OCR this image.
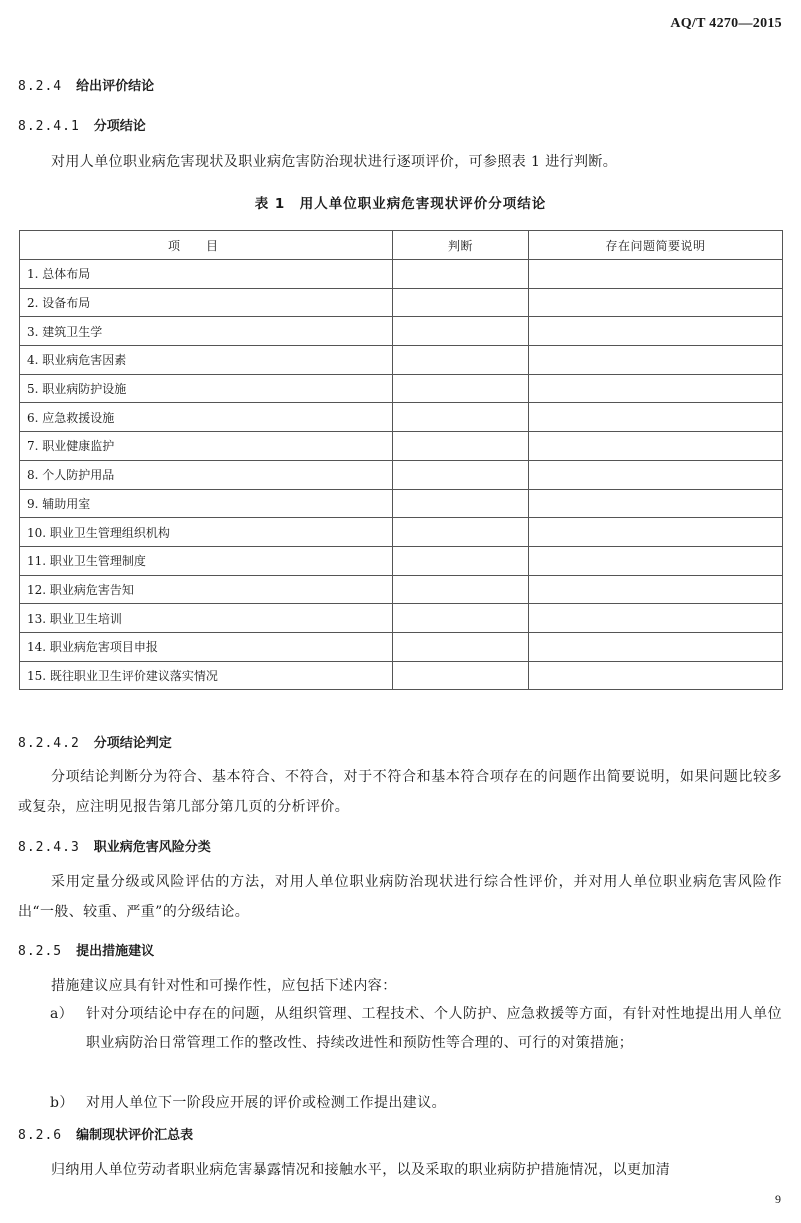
AQ/T 4270—2015
8.2.4 给出评价结论
8.2.4.1 分项结论

对用人单位职业病危害现状及职业病危害防治现状进行逐项评价，可参照表 1 进行判断。

表 1　用人单位职业病危害现状评价分项结论
项目	判断	存在问题简要说明
1. 总体布局		
2. 设备布局		
3. 建筑卫生学		
4. 职业病危害因素		
5. 职业病防护设施		
6. 应急救援设施		
7. 职业健康监护		
8. 个人防护用品		
9. 辅助用室		
10. 职业卫生管理组织机构		
11. 职业卫生管理制度		
12. 职业病危害告知		
13. 职业卫生培训		
14. 职业病危害项目申报		
15. 既往职业卫生评价建议落实情况		
8.2.4.2 分项结论判定

分项结论判断分为符合、基本符合、不符合，对于不符合和基本符合项存在的问题作出简要说明，如果问题比较多或复杂，应注明见报告第几部分第几页的分析评价。

8.2.4.3 职业病危害风险分类

采用定量分级或风险评估的方法，对用人单位职业病防治现状进行综合性评价，并对用人单位职业病危害风险作出“一般、较重、严重”的分级结论。

8.2.5 提出措施建议

措施建议应具有针对性和可操作性，应包括下述内容：

a） 针对分项结论中存在的问题，从组织管理、工程技术、个人防护、应急救援等方面，有针对性地提出用人单位职业病防治日常管理工作的整改性、持续改进性和预防性等合理的、可行的对策措施；
b） 对用人单位下一阶段应开展的评价或检测工作提出建议。
8.2.6 编制现状评价汇总表

归纳用人单位劳动者职业病危害暴露情况和接触水平，以及采取的职业病防护措施情况，以更加清

9
